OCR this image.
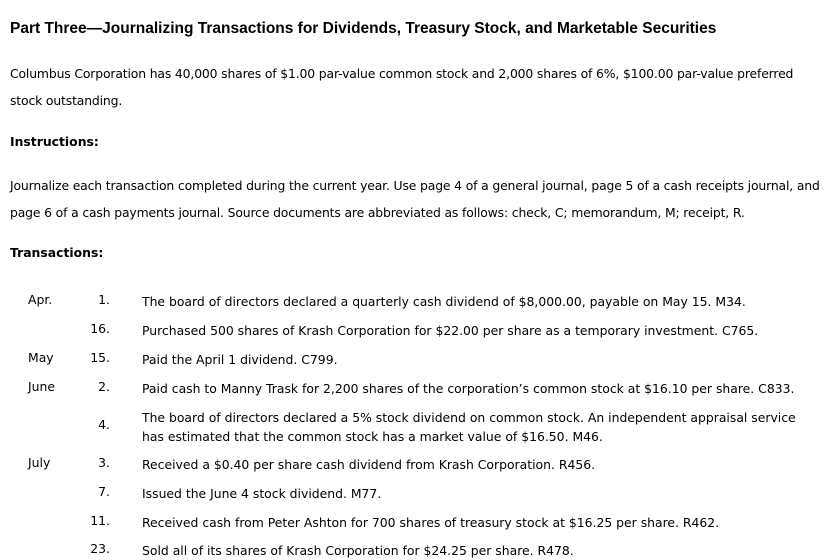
Part Three—Journalizing Transactions for Dividends, Treasury Stock, and Marketable Securities
Columbus Corporation has 40,000 shares of $1.00 par-value common stock and 2,000 shares of 6%, $100.00 par-value preferred stock outstanding.
Instructions:
Journalize each transaction completed during the current year. Use page 4 of a general journal, page 5 of a cash receipts journal, and page 6 of a cash payments journal. Source documents are abbreviated as follows: check, C; memorandum, M; receipt, R.
Transactions:
Apr.	1.	The board of directors declared a quarterly cash dividend of $8,000.00, payable on May 15. M34.
16.	Purchased 500 shares of Krash Corporation for $22.00 per share as a temporary investment. C765.
May	15.	Paid the April 1 dividend. C799.
June	2.	Paid cash to Manny Trask for 2,200 shares of the corporation’s common stock at $16.10 per share. C833.
4.	The board of directors declared a 5% stock dividend on common stock. An independent appraisal service has estimated that the common stock has a market value of $16.50. M46.
July	3.	Received a $0.40 per share cash dividend from Krash Corporation. R456.
7.	Issued the June 4 stock dividend. M77.
11.	Received cash from Peter Ashton for 700 shares of treasury stock at $16.25 per share. R462.
23.	Sold all of its shares of Krash Corporation for $24.25 per share. R478.
